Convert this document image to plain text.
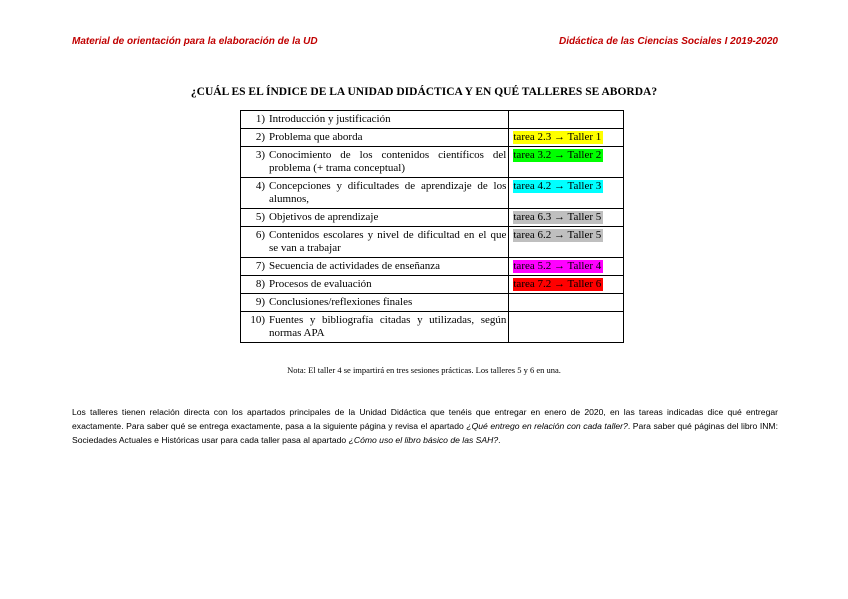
Material de orientación para la elaboración de la UD	Didáctica de las Ciencias Sociales I 2019-2020
¿CUÁL ES EL ÍNDICE DE LA UNIDAD DIDÁCTICA Y EN QUÉ TALLERES SE ABORDA?
1) Introducción y justificación	

2) Problema que aborda	tarea 2.3 → Taller 1

3) Conocimiento de los contenidos científicos del problema (+ trama conceptual)	tarea 3.2 → Taller 2

4) Concepciones y dificultades de aprendizaje de los alumnos,	tarea 4.2 → Taller 3

5) Objetivos de aprendizaje	tarea 6.3 → Taller 5

6) Contenidos escolares y nivel de dificultad en el que se van a trabajar	tarea 6.2 → Taller 5

7) Secuencia de actividades de enseñanza	tarea 5.2 → Taller 4

8) Procesos de evaluación	tarea 7.2 → Taller 6

9) Conclusiones/reflexiones finales	

10) Fuentes y bibliografía citadas y utilizadas, según normas APA	

Nota: El taller 4 se impartirá en tres sesiones prácticas. Los talleres 5 y 6 en una.
Los talleres tienen relación directa con los apartados principales de la Unidad Didáctica que tenéis que entregar en enero de 2020, en las tareas indicadas dice qué entregar exactamente. Para saber qué se entrega exactamente, pasa a la siguiente página y revisa el apartado ¿Qué entrego en relación con cada taller?. Para saber qué páginas del libro INM: Sociedades Actuales e Históricas usar para cada taller pasa al apartado ¿Cómo uso el libro básico de las SAH?.
